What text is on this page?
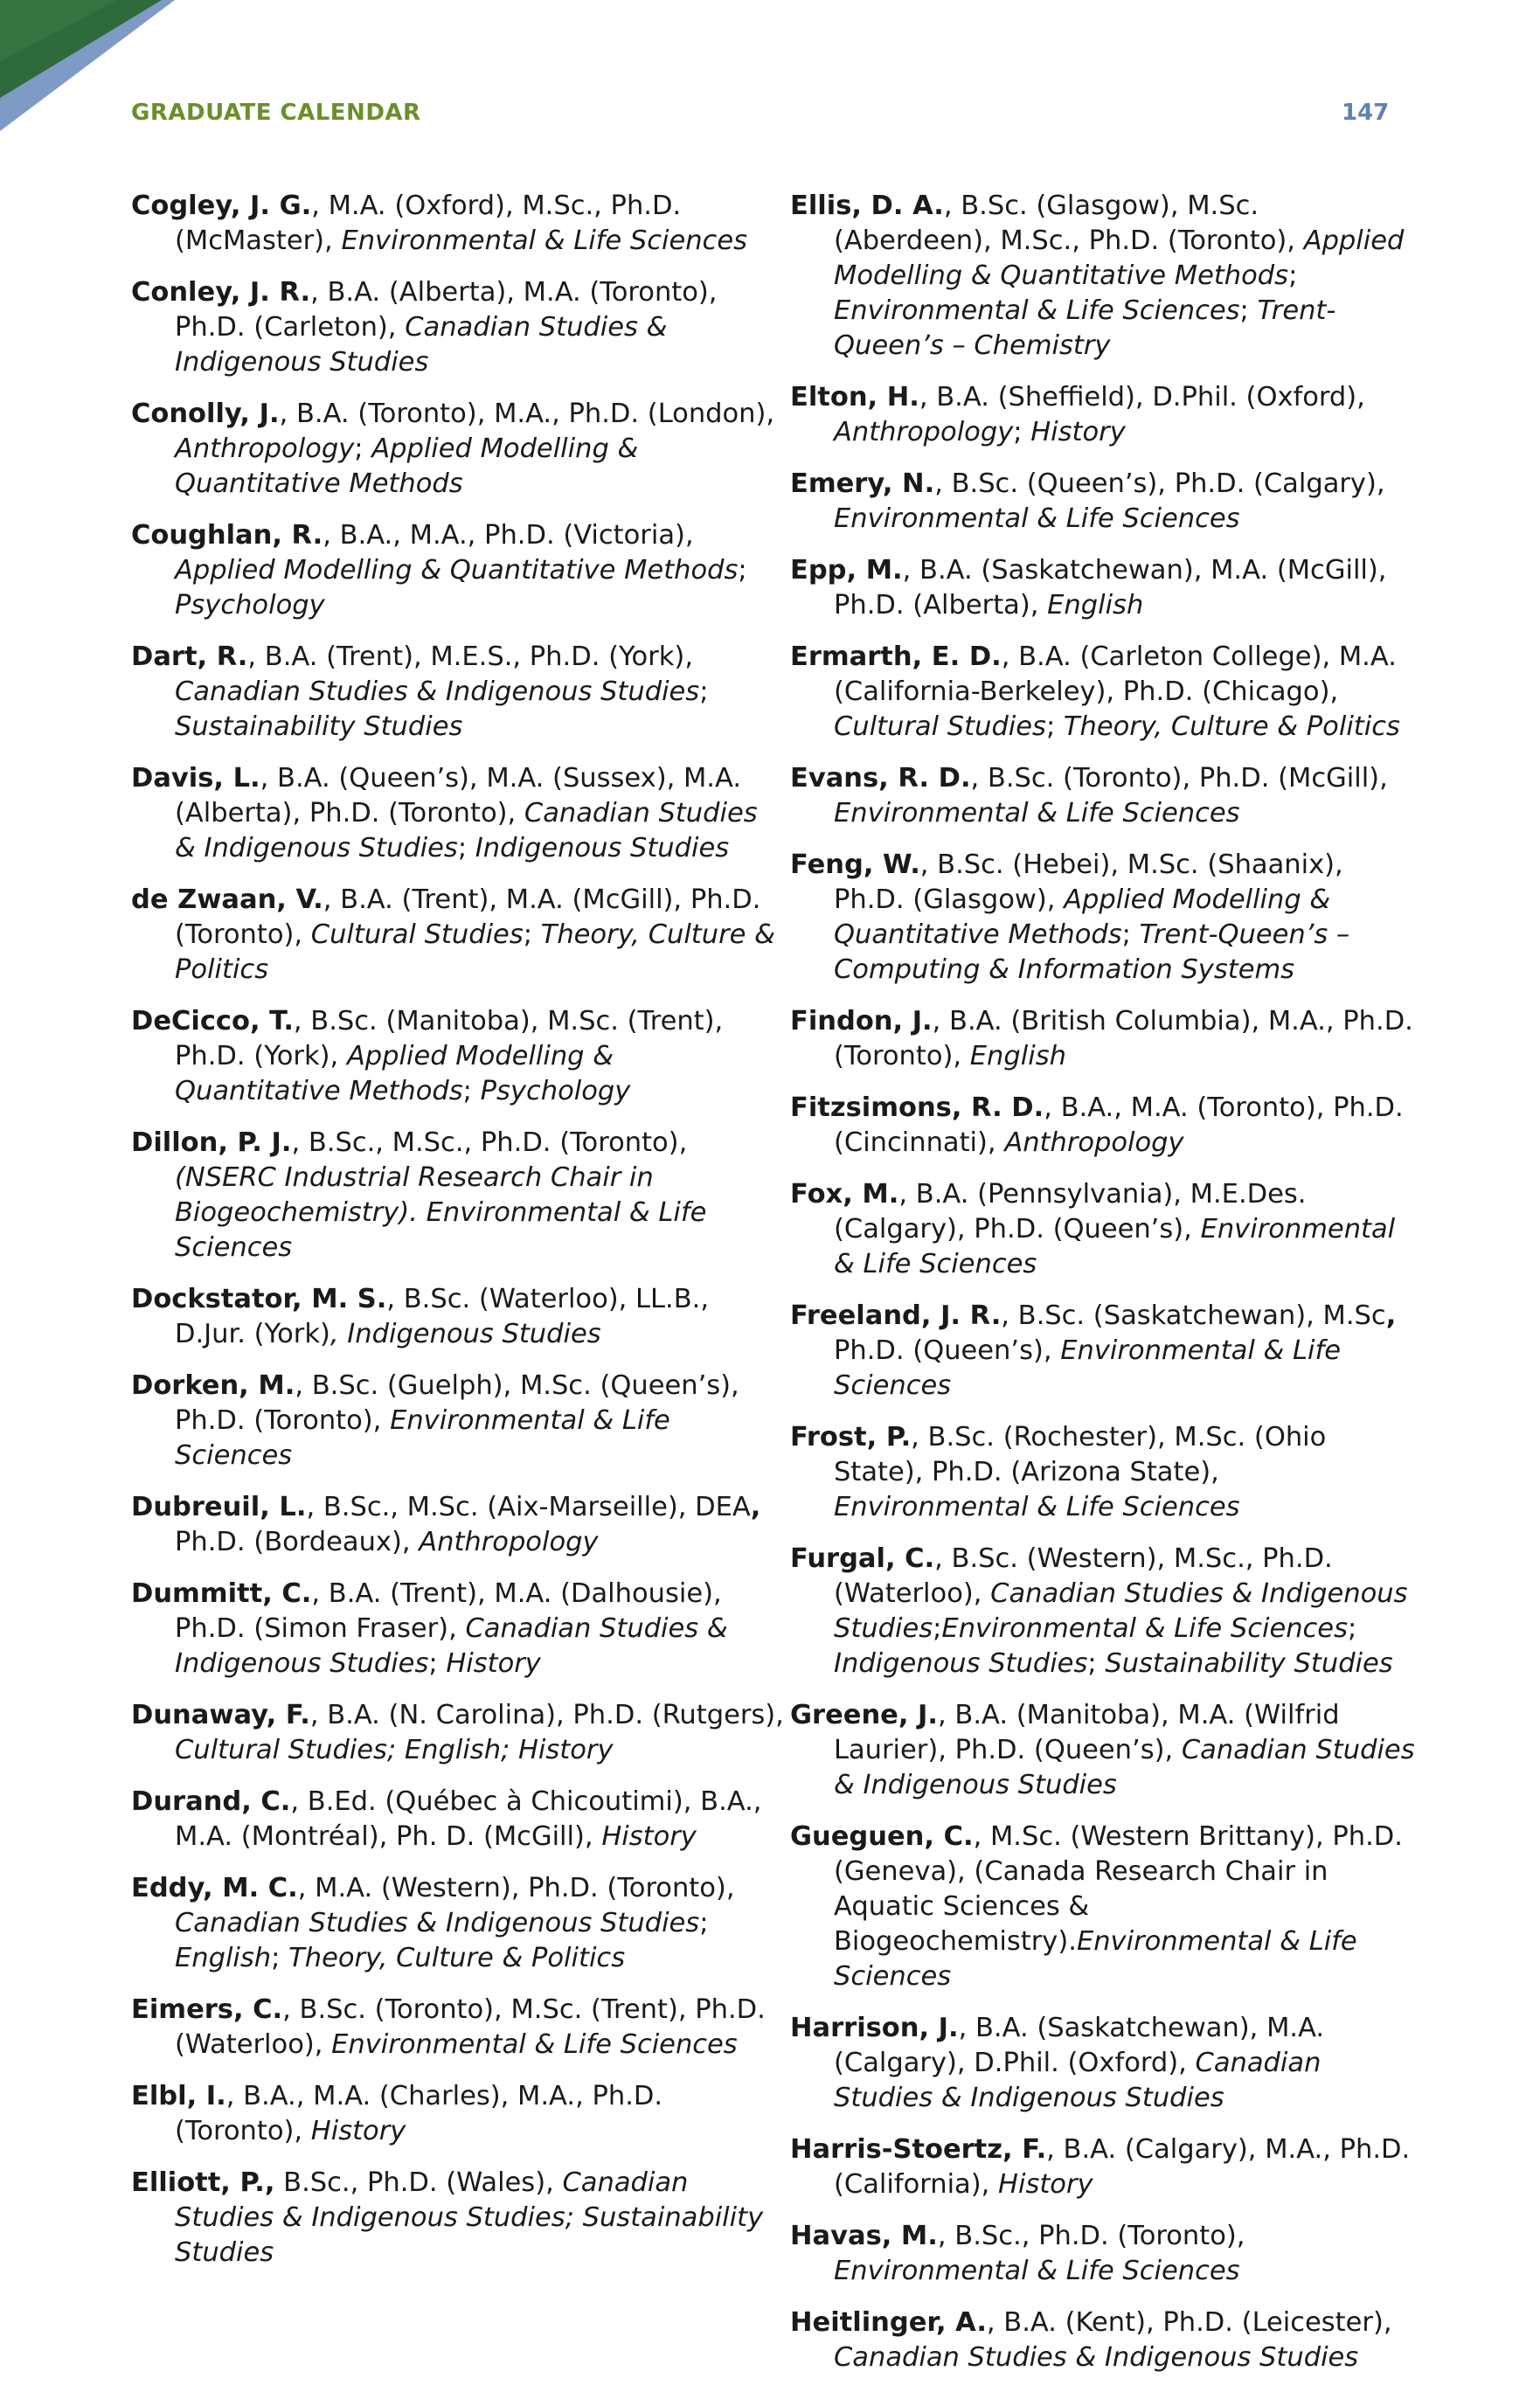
GRADUATE CALENDAR	147

Cogley, J. G., M.A. (Oxford), M.Sc., Ph.D. (McMaster), Environmental & Life Sciences

Conley, J. R., B.A. (Alberta), M.A. (Toronto), Ph.D. (Carleton), Canadian Studies & Indigenous Studies

Conolly, J., B.A. (Toronto), M.A., Ph.D. (London), Anthropology; Applied Modelling & Quantitative Methods

Coughlan, R., B.A., M.A., Ph.D. (Victoria), Applied Modelling & Quantitative Methods; Psychology

Dart, R., B.A. (Trent), M.E.S., Ph.D. (York), Canadian Studies & Indigenous Studies; Sustainability Studies

Davis, L., B.A. (Queen’s), M.A. (Sussex), M.A. (Alberta), Ph.D. (Toronto), Canadian Studies & Indigenous Studies; Indigenous Studies

de Zwaan, V., B.A. (Trent), M.A. (McGill), Ph.D. (Toronto), Cultural Studies; Theory, Culture & Politics

DeCicco, T., B.Sc. (Manitoba), M.Sc. (Trent), Ph.D. (York), Applied Modelling & Quantitative Methods; Psychology

Dillon, P. J., B.Sc., M.Sc., Ph.D. (Toronto), (NSERC Industrial Research Chair in Biogeochemistry). Environmental & Life Sciences

Dockstator, M. S., B.Sc. (Waterloo), LL.B., D.Jur. (York), Indigenous Studies

Dorken, M., B.Sc. (Guelph), M.Sc. (Queen’s), Ph.D. (Toronto), Environmental & Life Sciences

Dubreuil, L., B.Sc., M.Sc. (Aix-Marseille), DEA, Ph.D. (Bordeaux), Anthropology

Dummitt, C., B.A. (Trent), M.A. (Dalhousie), Ph.D. (Simon Fraser), Canadian Studies & Indigenous Studies; History

Dunaway, F., B.A. (N. Carolina), Ph.D. (Rutgers), Cultural Studies; English; History

Durand, C., B.Ed. (Québec à Chicoutimi), B.A., M.A. (Montréal), Ph. D. (McGill), History

Eddy, M. C., M.A. (Western), Ph.D. (Toronto), Canadian Studies & Indigenous Studies; English; Theory, Culture & Politics

Eimers, C., B.Sc. (Toronto), M.Sc. (Trent), Ph.D. (Waterloo), Environmental & Life Sciences

Elbl, I., B.A., M.A. (Charles), M.A., Ph.D. (Toronto), History

Elliott, P., B.Sc., Ph.D. (Wales), Canadian Studies & Indigenous Studies; Sustainability Studies

Ellis, D. A., B.Sc. (Glasgow), M.Sc. (Aberdeen), M.Sc., Ph.D. (Toronto), Applied Modelling & Quantitative Methods; Environmental & Life Sciences; Trent-Queen’s – Chemistry

Elton, H., B.A. (Sheffield), D.Phil. (Oxford), Anthropology; History

Emery, N., B.Sc. (Queen’s), Ph.D. (Calgary), Environmental & Life Sciences

Epp, M., B.A. (Saskatchewan), M.A. (McGill), Ph.D. (Alberta), English

Ermarth, E. D., B.A. (Carleton College), M.A. (California-Berkeley), Ph.D. (Chicago), Cultural Studies; Theory, Culture & Politics

Evans, R. D., B.Sc. (Toronto), Ph.D. (McGill), Environmental & Life Sciences

Feng, W., B.Sc. (Hebei), M.Sc. (Shaanix), Ph.D. (Glasgow), Applied Modelling & Quantitative Methods; Trent-Queen’s – Computing & Information Systems

Findon, J., B.A. (British Columbia), M.A., Ph.D. (Toronto), English

Fitzsimons, R. D., B.A., M.A. (Toronto), Ph.D. (Cincinnati), Anthropology

Fox, M., B.A. (Pennsylvania), M.E.Des. (Calgary), Ph.D. (Queen’s), Environmental & Life Sciences

Freeland, J. R., B.Sc. (Saskatchewan), M.Sc, Ph.D. (Queen’s), Environmental & Life Sciences

Frost, P., B.Sc. (Rochester), M.Sc. (Ohio State), Ph.D. (Arizona State), Environmental & Life Sciences

Furgal, C., B.Sc. (Western), M.Sc., Ph.D. (Waterloo), Canadian Studies & Indigenous Studies;Environmental & Life Sciences; Indigenous Studies; Sustainability Studies

Greene, J., B.A. (Manitoba), M.A. (Wilfrid Laurier), Ph.D. (Queen’s), Canadian Studies & Indigenous Studies

Gueguen, C., M.Sc. (Western Brittany), Ph.D. (Geneva), (Canada Research Chair in Aquatic Sciences & Biogeochemistry).Environmental & Life Sciences

Harrison, J., B.A. (Saskatchewan), M.A. (Calgary), D.Phil. (Oxford), Canadian Studies & Indigenous Studies

Harris-Stoertz, F., B.A. (Calgary), M.A., Ph.D. (California), History

Havas, M., B.Sc., Ph.D. (Toronto), Environmental & Life Sciences

Heitlinger, A., B.A. (Kent), Ph.D. (Leicester), Canadian Studies & Indigenous Studies
